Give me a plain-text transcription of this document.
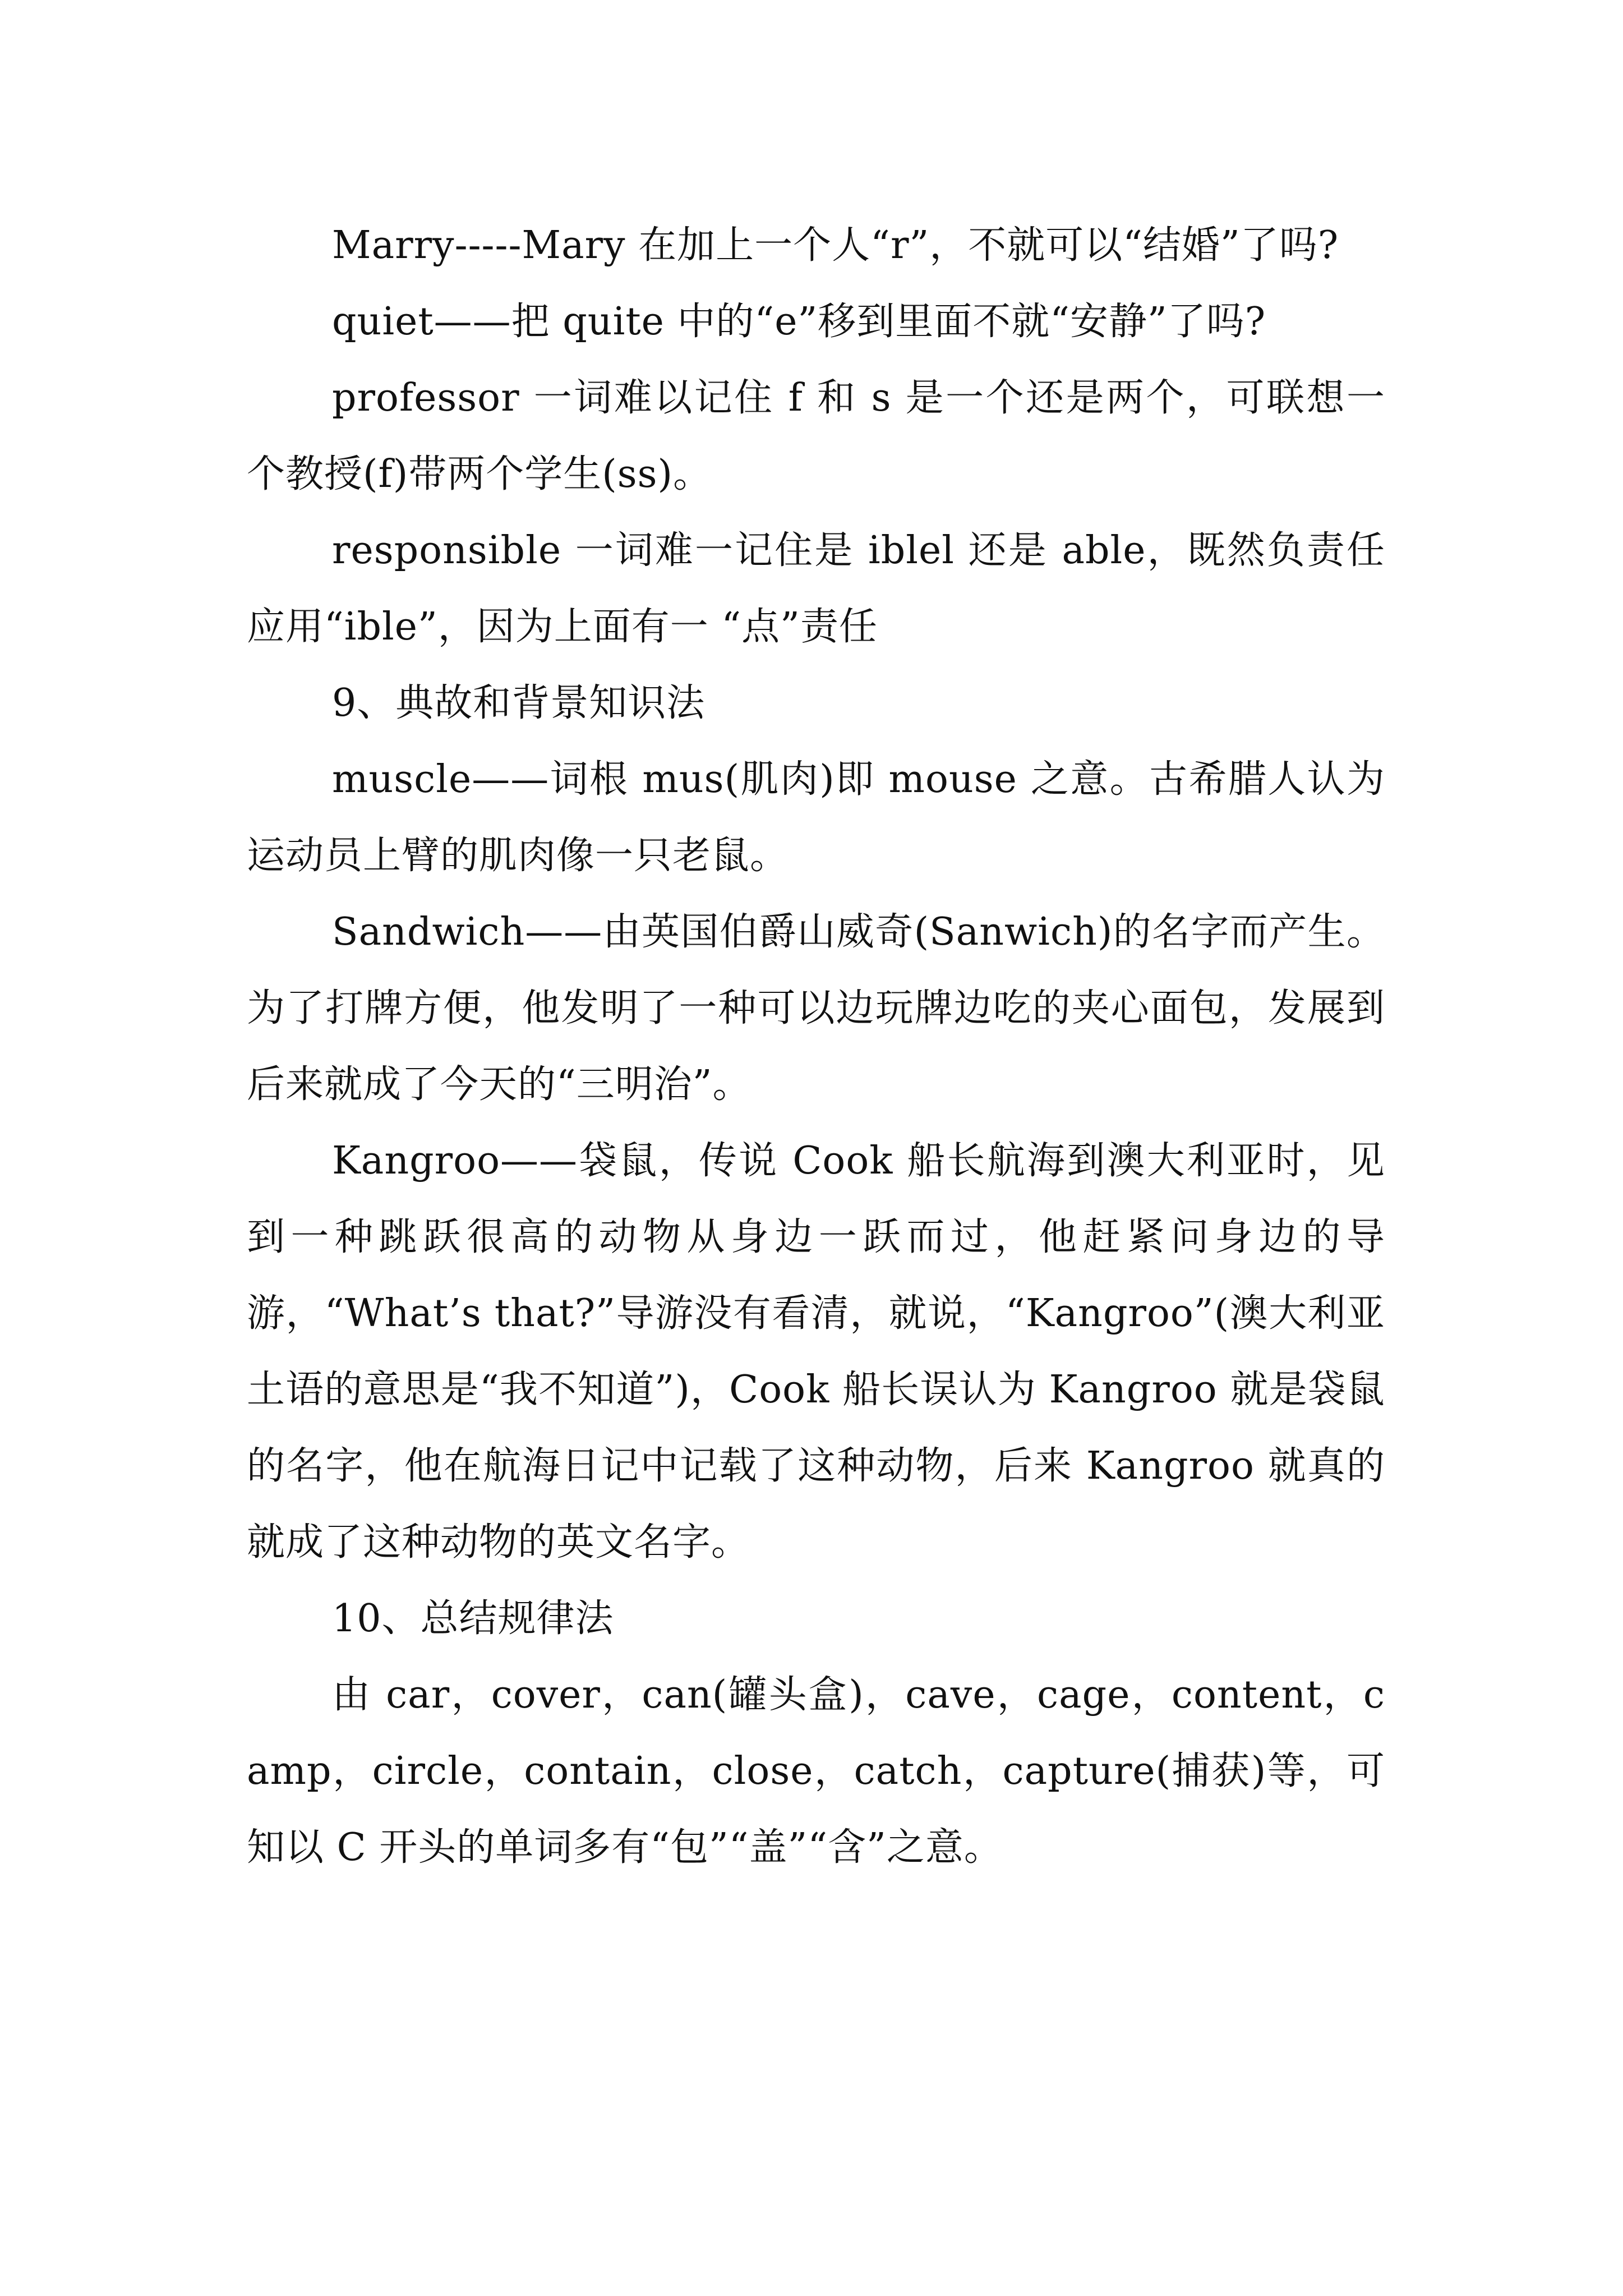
Marry-----Mary 在加上一个人“r”，不就可以“结婚”了吗?

quiet——把 quite 中的“e”移到里面不就“安静”了吗?

professor 一词难以记住 f 和 s 是一个还是两个，可联想一个教授(f)带两个学生(ss)。

responsible 一词难一记住是 iblel 还是 able，既然负责任应用“ible”，因为上面有一 “点”责任

9、典故和背景知识法

muscle——词根 mus(肌肉)即 mouse 之意。古希腊人认为运动员上臂的肌肉像一只老鼠。

Sandwich——由英国伯爵山威奇(Sanwich)的名字而产生。为了打牌方便，他发明了一种可以边玩牌边吃的夹心面包，发展到后来就成了今天的“三明治”。

Kangroo——袋鼠，传说 Cook 船长航海到澳大利亚时，见到一种跳跃很高的动物从身边一跃而过，他赶紧问身边的导游，“What’s that?”导游没有看清，就说，“Kangroo”(澳大利亚土语的意思是“我不知道”)，Cook 船长误认为 Kangroo 就是袋鼠的名字，他在航海日记中记载了这种动物，后来 Kangroo 就真的就成了这种动物的英文名字。

10、总结规律法

由 car，cover，can(罐头盒)，cave，cage，content，camp，circle，contain，close，catch，capture(捕获)等，可知以 C 开头的单词多有“包”“盖”“含”之意。
